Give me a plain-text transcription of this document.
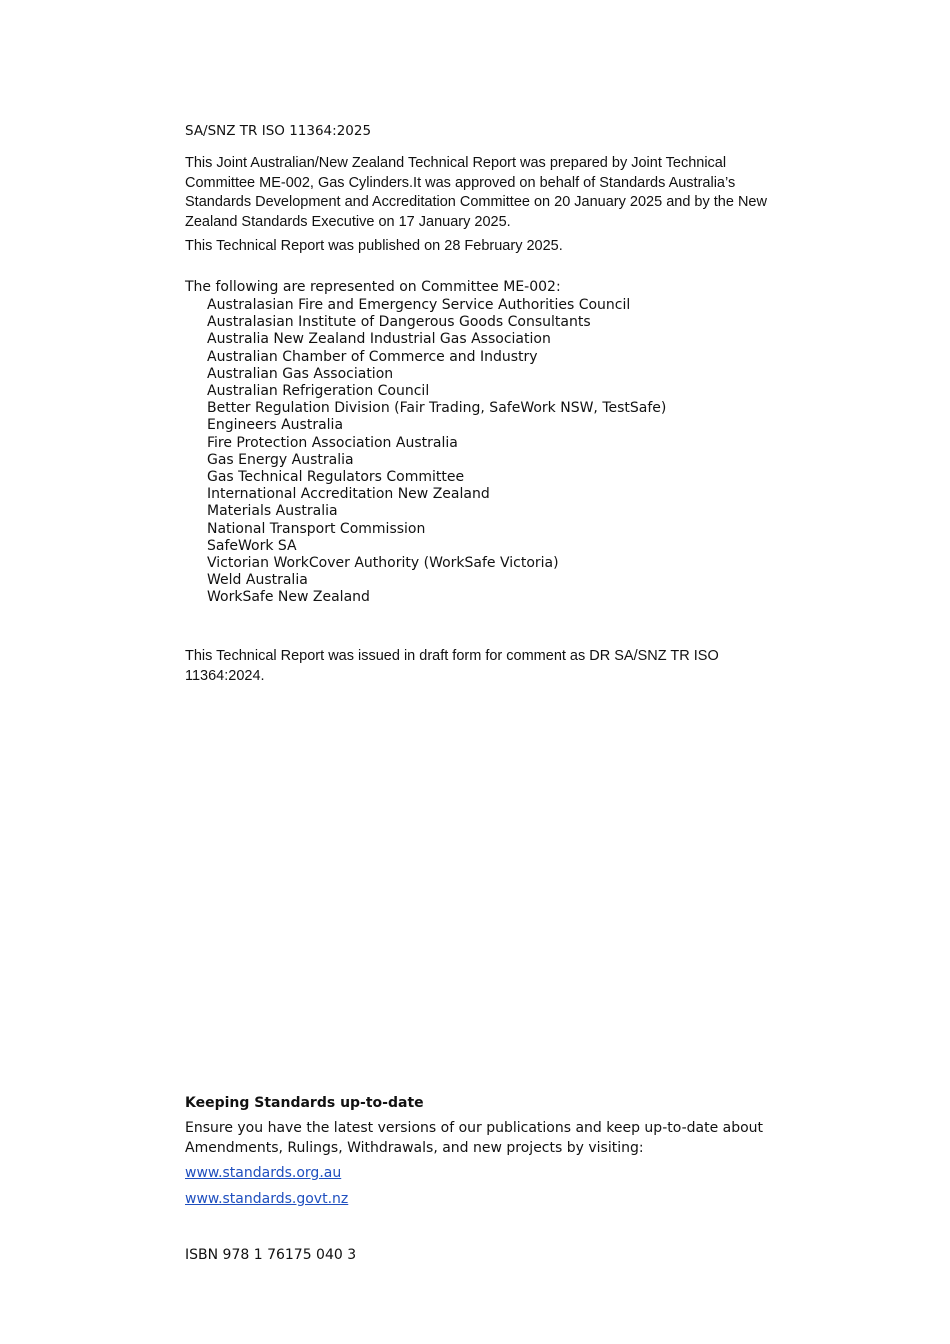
SA/SNZ TR ISO 11364:2025

This Joint Australian/New Zealand Technical Report was prepared by Joint Technical Committee ME-002, Gas Cylinders.It was approved on behalf of Standards Australia’s Standards Development and Accreditation Committee on 20 January 2025 and by the New Zealand Standards Executive on 17 January 2025.

This Technical Report was published on 28 February 2025.

The following are represented on Committee ME-002:

Australasian Fire and Emergency Service Authorities Council
Australasian Institute of Dangerous Goods Consultants
Australia New Zealand Industrial Gas Association
Australian Chamber of Commerce and Industry
Australian Gas Association
Australian Refrigeration Council
Better Regulation Division (Fair Trading, SafeWork NSW, TestSafe)
Engineers Australia
Fire Protection Association Australia
Gas Energy Australia
Gas Technical Regulators Committee
International Accreditation New Zealand
Materials Australia
National Transport Commission
SafeWork SA
Victorian WorkCover Authority (WorkSafe Victoria)
Weld Australia
WorkSafe New Zealand

This Technical Report was issued in draft form for comment as DR SA/SNZ TR ISO 11364:2024.

Keeping Standards up-to-date

Ensure you have the latest versions of our publications and keep up-to-date about Amendments, Rulings, Withdrawals, and new projects by visiting:

www.standards.org.au
www.standards.govt.nz

ISBN 978 1 76175 040 3
